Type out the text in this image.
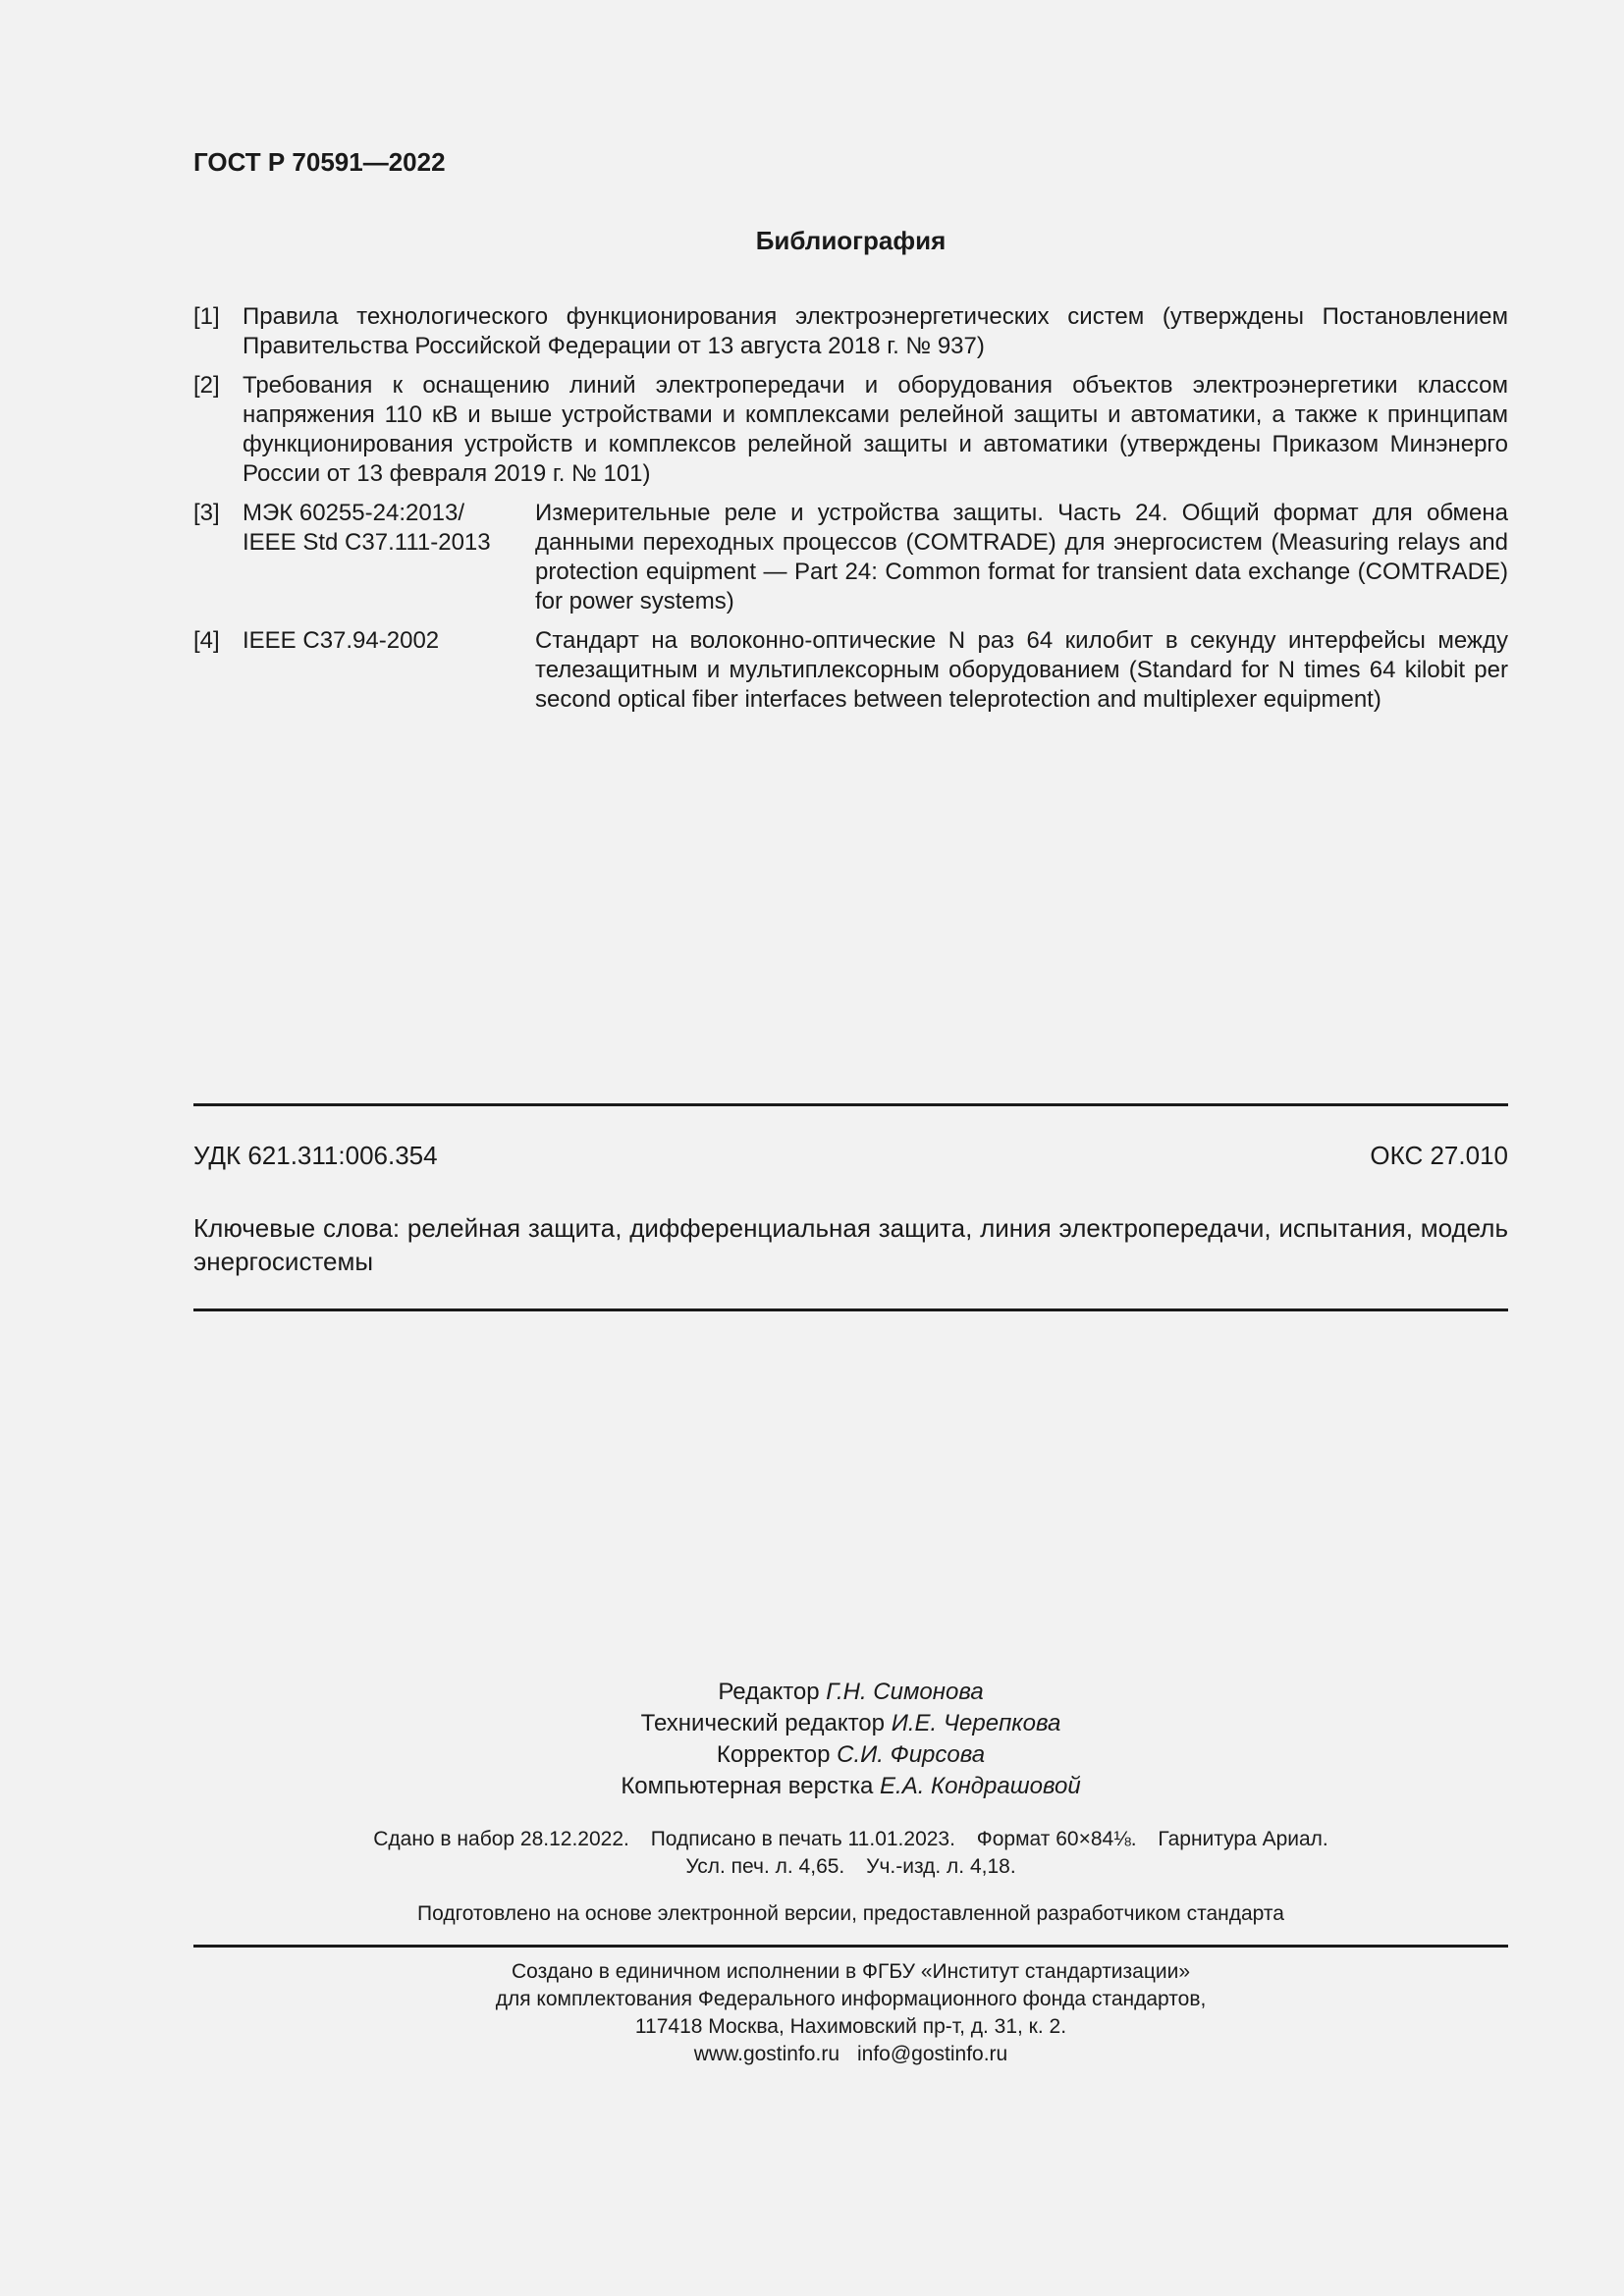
ГОСТ Р 70591—2022
Библиография
[1] Правила технологического функционирования электроэнергетических систем (утверждены Постановлением Правительства Российской Федерации от 13 августа 2018 г. № 937)
[2] Требования к оснащению линий электропередачи и оборудования объектов электроэнергетики классом напряжения 110 кВ и выше устройствами и комплексами релейной защиты и автоматики, а также к принципам функционирования устройств и комплексов релейной защиты и автоматики (утверждены Приказом Минэнерго России от 13 февраля 2019 г. № 101)
[3] МЭК 60255-24:2013/
IEEE Std C37.111-2013
Измерительные реле и устройства защиты. Часть 24. Общий формат для обмена данными переходных процессов (COMTRADE) для энергосистем (Measuring relays and protection equipment — Part 24: Common format for transient data exchange (COMTRADE) for power systems)
[4] IEEE C37.94-2002	Стандарт на волоконно-оптические N раз 64 килобит в секунду интерфейсы между телезащитным и мультиплексорным оборудованием (Standard for N times 64 kilobit per second optical fiber interfaces between teleprotection and multiplexer equipment)
УДК 621.311:006.354	ОКС 27.010
Ключевые слова: релейная защита, дифференциальная защита, линия электропередачи, испытания, модель энергосистемы
Редактор Г.Н. Симонова
Технический редактор И.Е. Черепкова
Корректор С.И. Фирсова
Компьютерная верстка Е.А. Кондрашовой
Сдано в набор 28.12.2022. Подписано в печать 11.01.2023. Формат 60×84⅛. Гарнитура Ариал.
Усл. печ. л. 4,65. Уч.-изд. л. 4,18.
Подготовлено на основе электронной версии, предоставленной разработчиком стандарта
Создано в единичном исполнении в ФГБУ «Институт стандартизации»
для комплектования Федерального информационного фонда стандартов,
117418 Москва, Нахимовский пр-т, д. 31, к. 2.
www.gostinfo.ru info@gostinfo.ru
